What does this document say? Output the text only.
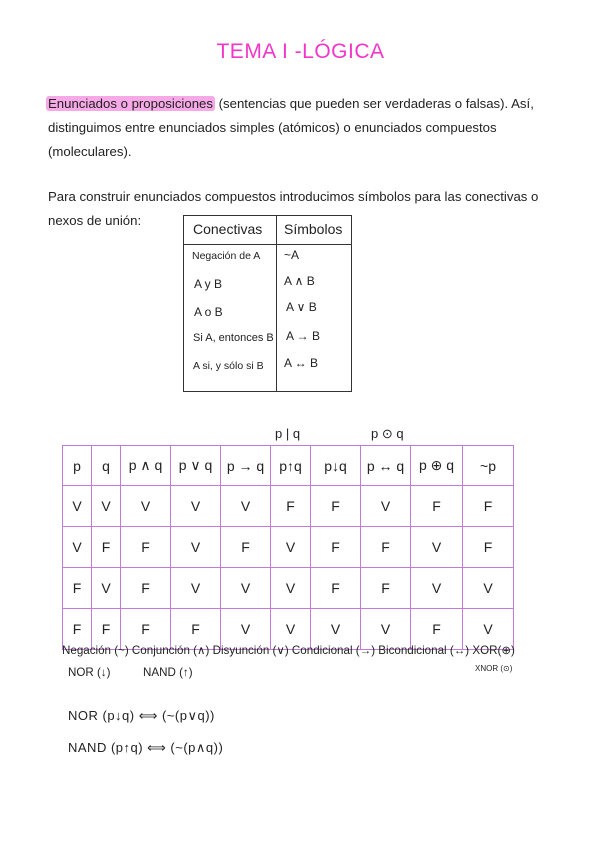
TEMA I -LÓGICA
Enunciados o proposiciones (sentencias que pueden ser verdaderas o falsas). Así,
distinguimos entre enunciados simples (atómicos) o enunciados compuestos
(moleculares).
Para construir enunciados compuestos introducimos símbolos para las conectivas o
nexos de unión:
Conectivas Símbolos
Negación de A ~A
A y B	A ∧ B
A o B	A ∨ B
Si A, entonces B A → B
A si, y sólo si B A ↔ B
p | q	p ⊙ q
p	q	p ∧ q	p ∨ q	p → q	p↑q	p↓q	p ↔ q	p ⊕ q	~p
V	V	V	V	V	F	F	V	F	F
V	F	F	V	F	V	F	F	V	F
F	V	F	V	V	V	F	F	V	V
F	F	F	F	V	V	V	V	F	V
Negación (~) Conjunción (∧) Disyunción (∨) Condicional (→) Bicondicional (↔) XOR(⊕)
NOR (↓)	NAND (↑)	XNOR (⊙)
NOR (p↓q) ⟺ (~(p∨q))
NAND (p↑q) ⟺ (~(p∧q))
